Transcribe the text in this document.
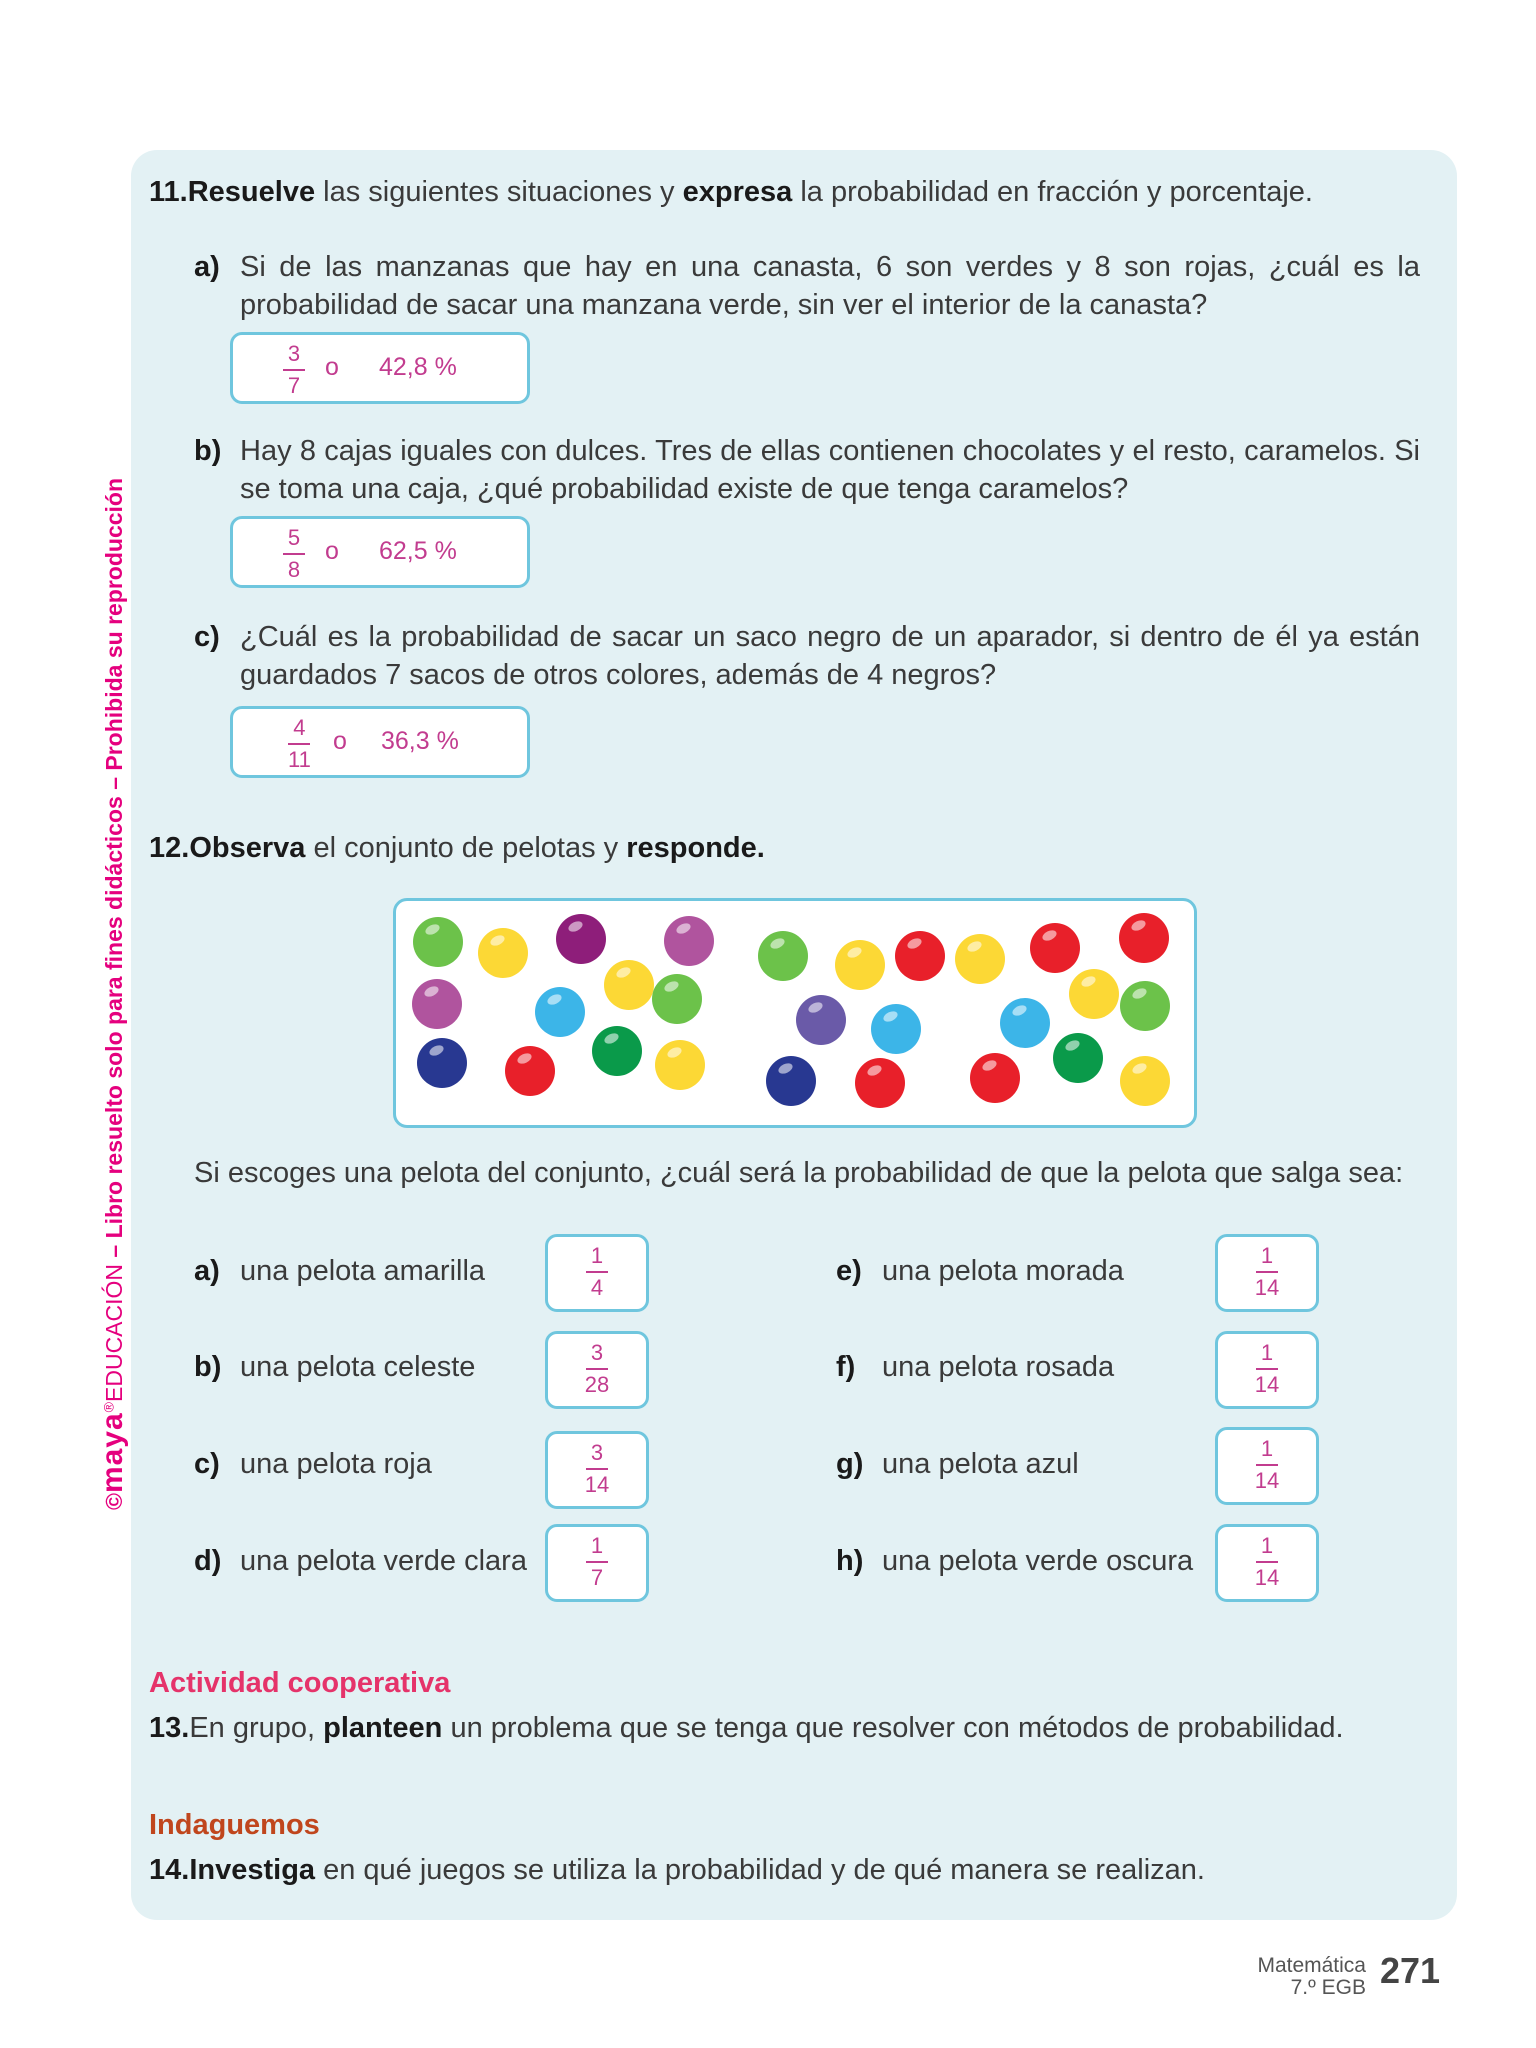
©maya®EDUCACIÓN – Libro resuelto solo para fines didácticos – Prohibida su reproducción
11.Resuelve las siguientes situaciones y expresa la probabilidad en fracción y porcentaje.
a) Si de las manzanas que hay en una canasta, 6 son verdes y 8 son rojas, ¿cuál es la probabilidad de sacar una manzana verde, sin ver el interior de la canasta?
3
7
o 42,8 %
b) Hay 8 cajas iguales con dulces. Tres de ellas contienen chocolates y el resto, caramelos. Si se toma una caja, ¿qué probabilidad existe de que tenga caramelos?
5
8
o 62,5 %
c) ¿Cuál es la probabilidad de sacar un saco negro de un aparador, si dentro de él ya están guardados 7 sacos de otros colores, además de 4 negros?
4
11
o 36,3 %
12.Observa el conjunto de pelotas y responde.
Si escoges una pelota del conjunto, ¿cuál será la probabilidad de que la pelota que salga sea:
a) una pelota amarilla	1
4
b) una pelota celeste	3
28
c) una pelota roja	3
14
d) una pelota verde clara	1
7
e) una pelota morada	1
14
f) una pelota rosada	1
14
g) una pelota azul	1
14
h) una pelota verde oscura	1
14
Actividad cooperativa
13.En grupo, planteen un problema que se tenga que resolver con métodos de probabilidad.
Indaguemos
14.Investiga en qué juegos se utiliza la probabilidad y de qué manera se realizan.
Matemática
7.º EGB 271
